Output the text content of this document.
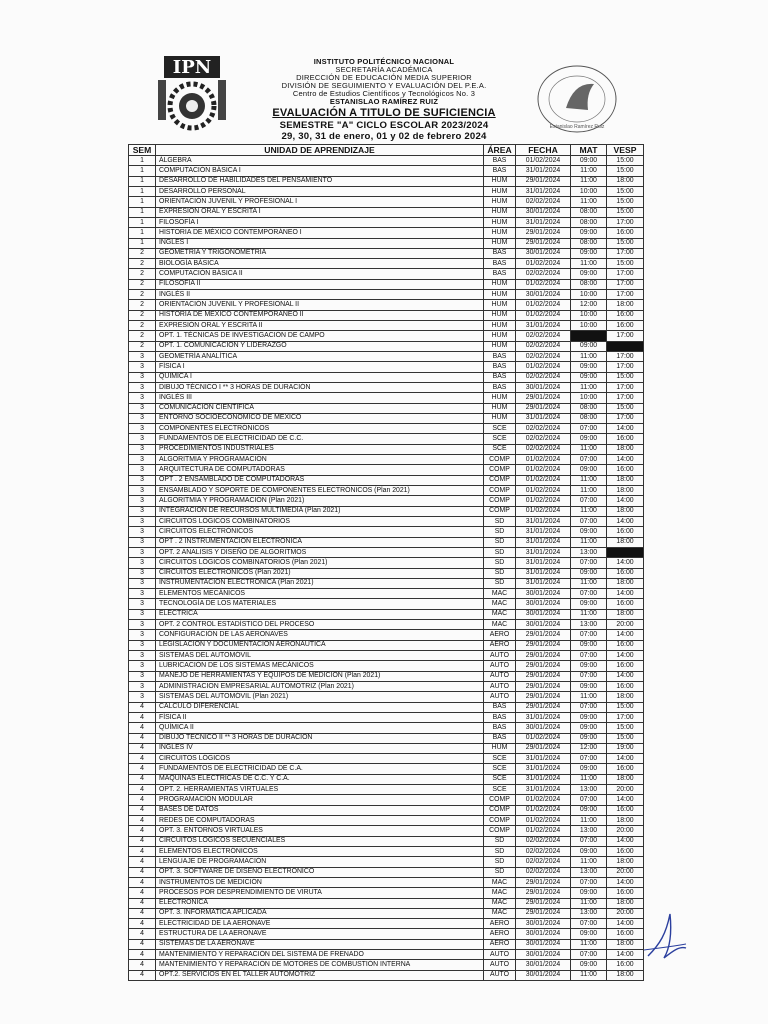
IPN
Estanislao Ramírez Ruiz
INSTITUTO POLITÉCNICO NACIONAL
SECRETARÍA ACADÉMICA
DIRECCIÓN DE EDUCACIÓN MEDIA SUPERIOR
DIVISIÓN DE SEGUIMIENTO Y EVALUACIÓN DEL P.E.A.
Centro de Estudios Científicos y Tecnológicos No. 3
ESTANISLAO RAMÍREZ RUIZ
EVALUACIÓN A TITULO DE SUFICIENCIA
SEMESTRE "A" CICLO ESCOLAR 2023/2024
29, 30, 31 de enero, 01 y 02 de febrero 2024
SEM	UNIDAD DE APRENDIZAJE	ÁREA	FECHA	MAT	VESP
1	ÁLGEBRA	BAS	01/02/2024	09:00	15:00
1	COMPUTACIÓN BÁSICA I	BAS	31/01/2024	11:00	15:00
1	DESARROLLO DE HABILIDADES DEL PENSAMIENTO	HUM	29/01/2024	11:00	18:00
1	DESARROLLO PERSONAL	HUM	31/01/2024	10:00	15:00
1	ORIENTACIÓN JUVENIL Y PROFESIONAL I	HUM	02/02/2024	11:00	15:00
1	EXPRESIÓN ORAL Y ESCRITA I	HUM	30/01/2024	08:00	15:00
1	FILOSOFÍA I	HUM	31/01/2024	08:00	17:00
1	HISTORIA DE MÉXICO CONTEMPORÁNEO I	HUM	29/01/2024	09:00	16:00
1	INGLÉS I	HUM	29/01/2024	08:00	15:00
2	GEOMETRÍA Y TRIGONOMETRÍA	BAS	30/01/2024	09:00	17:00
2	BIOLOGÍA BÁSICA	BAS	01/02/2024	11:00	15:00
2	COMPUTACIÓN BÁSICA II	BAS	02/02/2024	09:00	17:00
2	FILOSOFÍA II	HUM	01/02/2024	08:00	17:00
2	INGLÉS II	HUM	30/01/2024	10:00	17:00
2	ORIENTACIÓN JUVENIL Y PROFESIONAL II	HUM	01/02/2024	12:00	18:00
2	HISTORIA DE MÉXICO CONTEMPORÁNEO II	HUM	01/02/2024	10:00	16:00
2	EXPRESIÓN ORAL Y ESCRITA II	HUM	31/01/2024	10:00	16:00
2	OPT. 1. TÉCNICAS DE INVESTIGACIÓN DE CAMPO	HUM	02/02/2024		17:00
2	OPT. 1. COMUNICACIÓN Y LIDERAZGO	HUM	02/02/2024	09:00	
3	GEOMETRÍA ANALÍTICA	BAS	02/02/2024	11:00	17:00
3	FÍSICA I	BAS	01/02/2024	09:00	17:00
3	QUÍMICA I	BAS	02/02/2024	09:00	15:00
3	DIBUJO TÉCNICO I ** 3 HORAS DE DURACIÓN	BAS	30/01/2024	11:00	17:00
3	INGLÉS III	HUM	29/01/2024	10:00	17:00
3	COMUNICACIÓN CIENTÍFICA	HUM	29/01/2024	08:00	15:00
3	ENTORNO SOCIOECONÓMICO DE MÉXICO	HUM	31/01/2024	08:00	17:00
3	COMPONENTES ELECTRÓNICOS	SCE	02/02/2024	07:00	14:00
3	FUNDAMENTOS DE ELECTRICIDAD DE C.C.	SCE	02/02/2024	09:00	16:00
3	PROCEDIMIENTOS INDUSTRIALES	SCE	02/02/2024	11:00	18:00
3	ALGORITMIA Y PROGRAMACIÓN	COMP	01/02/2024	07:00	14:00
3	ARQUITECTURA DE COMPUTADORAS	COMP	01/02/2024	09:00	16:00
3	OPT . 2 ENSAMBLADO DE COMPUTADORAS	COMP	01/02/2024	11:00	18:00
3	ENSAMBLADO Y SOPORTE DE COMPONENTES ELECTRÓNICOS (Plan 2021)	COMP	01/02/2024	11:00	18:00
3	ALGORITMIA Y PROGRAMACIÓN (Plan 2021)	COMP	01/02/2024	07:00	14:00
3	INTEGRACIÓN DE RECURSOS MULTIMEDIA (Plan 2021)	COMP	01/02/2024	11:00	18:00
3	CIRCUITOS LÓGICOS COMBINATORIOS	SD	31/01/2024	07:00	14:00
3	CIRCUITOS ELECTRÓNICOS	SD	31/01/2024	09:00	16:00
3	OPT . 2 INSTRUMENTACIÓN ELECTRÓNICA	SD	31/01/2024	11:00	18:00
3	OPT. 2 ANALISIS Y DISEÑO DE ALGORITMOS	SD	31/01/2024	13:00	
3	CIRCUITOS LÓGICOS COMBINATORIOS (Plan 2021)	SD	31/01/2024	07:00	14:00
3	CIRCUITOS ELECTRÓNICOS (Plan 2021)	SD	31/01/2024	09:00	16:00
3	INSTRUMENTACIÓN ELECTRÓNICA (Plan 2021)	SD	31/01/2024	11:00	18:00
3	ELEMENTOS MECÁNICOS	MAC	30/01/2024	07:00	14:00
3	TECNOLOGÍA DE LOS MATERIALES	MAC	30/01/2024	09:00	16:00
3	ELÉCTRICA	MAC	30/01/2024	11:00	18:00
3	OPT. 2 CONTROL ESTADÍSTICO DEL PROCESO	MAC	30/01/2024	13:00	20:00
3	CONFIGURACIÓN DE LAS AERONAVES	AERO	29/01/2024	07:00	14:00
3	LEGISLACIÓN Y DOCUMENTACIÓN AERONÁUTICA	AERO	29/01/2024	09:00	16:00
3	SISTEMAS DEL AUTOMÓVIL	AUTO	29/01/2024	07:00	14:00
3	LUBRICACIÓN DE LOS SISTEMAS MECÁNICOS	AUTO	29/01/2024	09:00	16:00
3	MANEJO DE HERRAMIENTAS Y EQUIPOS DE MEDICION (Plan 2021)	AUTO	29/01/2024	07:00	14:00
3	ADMINISTRACION EMPRESARIAL AUTOMOTRIZ (Plan 2021)	AUTO	29/01/2024	09:00	16:00
3	SISTEMAS DEL AUTOMÓVIL (Plan 2021)	AUTO	29/01/2024	11:00	18:00
4	CÁLCULO DIFERENCIAL	BAS	29/01/2024	07:00	15:00
4	FÍSICA II	BAS	31/01/2024	09:00	17:00
4	QUÍMICA II	BAS	30/01/2024	09:00	15:00
4	DIBUJO TÉCNICO II ** 3 HORAS DE DURACIÓN	BAS	01/02/2024	09:00	15:00
4	INGLÉS IV	HUM	29/01/2024	12:00	19:00
4	CIRCUITOS LÓGICOS	SCE	31/01/2024	07:00	14:00
4	FUNDAMENTOS DE ELECTRICIDAD DE C.A.	SCE	31/01/2024	09:00	16:00
4	MÁQUINAS ELECTRICAS DE C.C. Y C.A.	SCE	31/01/2024	11:00	18:00
4	OPT. 2. HERRAMIENTAS VIRTUALES	SCE	31/01/2024	13:00	20:00
4	PROGRAMACIÓN MODULAR	COMP	01/02/2024	07:00	14:00
4	BASES DE DATOS	COMP	01/02/2024	09:00	16:00
4	REDES DE COMPUTADORAS	COMP	01/02/2024	11:00	18:00
4	OPT. 3. ENTORNOS VIRTUALES	COMP	01/02/2024	13:00	20:00
4	CIRCUITOS LÓGICOS SECUENCIALES	SD	02/02/2024	07:00	14:00
4	ELEMENTOS ELECTRÓNICOS	SD	02/02/2024	09:00	16:00
4	LENGUAJE DE PROGRAMACIÓN	SD	02/02/2024	11:00	18:00
4	OPT. 3. SOFTWARE DE DISEÑO ELECTRÓNICO	SD	02/02/2024	13:00	20:00
4	INSTRUMENTOS DE MEDICIÓN	MAC	29/01/2024	07:00	14:00
4	PROCESOS POR DESPRENDIMIENTO DE VIRUTA	MAC	29/01/2024	09:00	16:00
4	ELECTRÓNICA	MAC	29/01/2024	11:00	18:00
4	OPT. 3. INFORMÁTICA APLICADA	MAC	29/01/2024	13:00	20:00
4	ELECTRICIDAD DE LA AERONAVE	AERO	30/01/2024	07:00	14:00
4	ESTRUCTURA DE LA AERONAVE	AERO	30/01/2024	09:00	16:00
4	SISTEMAS DE LA AERONAVE	AERO	30/01/2024	11:00	18:00
4	MANTENIMIENTO Y REPARACIÓN DEL SISTEMA DE FRENADO	AUTO	30/01/2024	07:00	14:00
4	MANTENIMIENTO Y REPARACIÓN DE MOTORES DE COMBUSTIÓN INTERNA	AUTO	30/01/2024	09:00	16:00
4	OPT.2. SERVICIOS EN EL TALLER AUTOMOTRIZ	AUTO	30/01/2024	11:00	18:00
